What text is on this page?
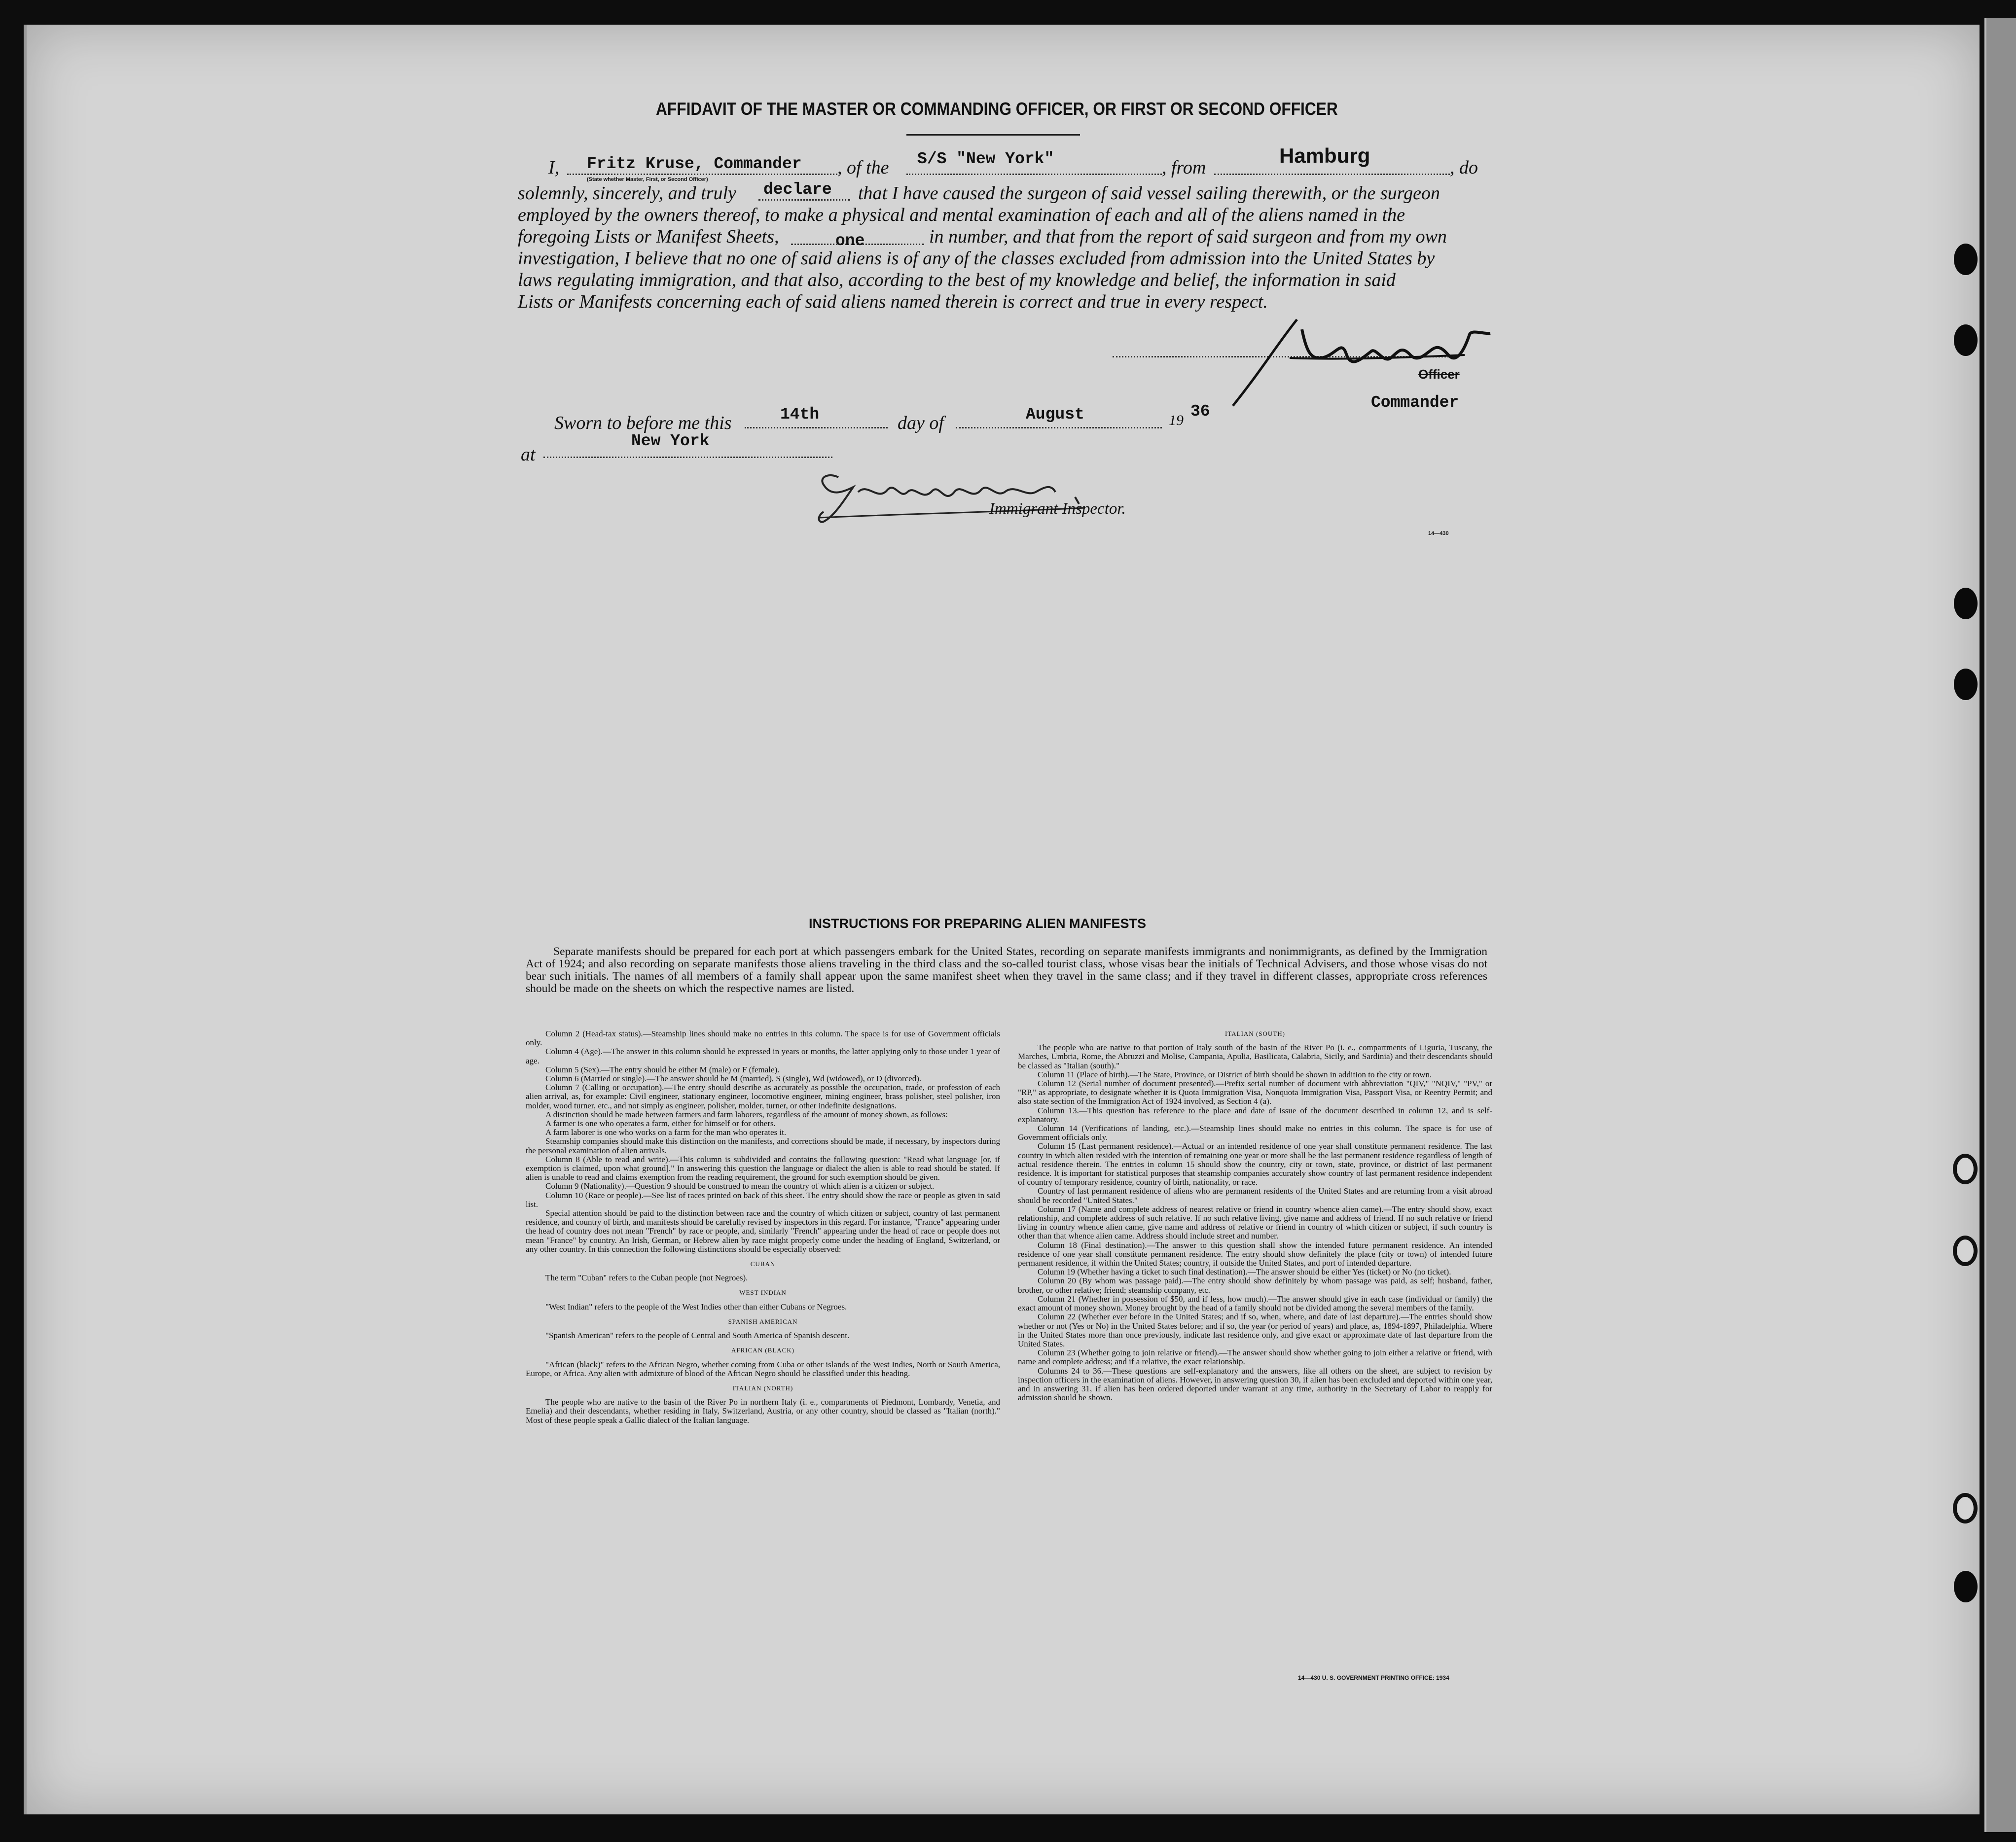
AFFIDAVIT OF THE MASTER OR COMMANDING OFFICER, OR FIRST OR SECOND OFFICER
I, Fritz Kruse, Commander
(State whether Master, First, or Second Officer)
, of the S/S "New York"	, from
Hamburg
, do
solemnly, sincerely, and truly declare that I have caused the surgeon of said vessel sailing therewith, or the surgeon
employed by the owners thereof, to make a physical and mental examination of each and all of the aliens named in the
foregoing Lists or Manifest Sheets,	one	in number, and that from the report of said surgeon and from my own
investigation, I believe that no one of said aliens is of any of the classes excluded from admission into the United States by
laws regulating immigration, and that also, according to the best of my knowledge and belief, the information in said
Lists or Manifests concerning each of said aliens named therein is correct and true in every respect.
Officer
Commander
Sworn to before me this	14th	day of	August	19 36
at
New York
Immigrant Inspector.
14—430
INSTRUCTIONS FOR PREPARING ALIEN MANIFESTS
Separate manifests should be prepared for each port at which passengers embark for the United States, recording on separate manifests immigrants and nonimmigrants, as defined by the Immigration Act of 1924; and also recording on separate manifests those aliens traveling in the third class and the so-called tourist class, whose visas bear the initials of Technical Advisers, and those whose visas do not bear such initials. The names of all members of a family shall appear upon the same manifest sheet when they travel in the same class; and if they travel in different classes, appropriate cross references should be made on the sheets on which the respective names are listed.

Column 2 (Head-tax status).—Steamship lines should make no entries in this column. The space is for use of Government officials only.

Column 4 (Age).—The answer in this column should be expressed in years or months, the latter applying only to those under 1 year of age.

Column 5 (Sex).—The entry should be either M (male) or F (female).

Column 6 (Married or single).—The answer should be M (married), S (single), Wd (widowed), or D (divorced).

Column 7 (Calling or occupation).—The entry should describe as accurately as possible the occupation, trade, or profession of each alien arrival, as, for example: Civil engineer, stationary engineer, locomotive engineer, mining engineer, brass polisher, steel polisher, iron molder, wood turner, etc., and not simply as engineer, polisher, molder, turner, or other indefinite designations.

A distinction should be made between farmers and farm laborers, regardless of the amount of money shown, as follows:

A farmer is one who operates a farm, either for himself or for others.

A farm laborer is one who works on a farm for the man who operates it.

Steamship companies should make this distinction on the manifests, and corrections should be made, if necessary, by inspectors during the personal examination of alien arrivals.

Column 8 (Able to read and write).—This column is subdivided and contains the following question: "Read what language [or, if exemption is claimed, upon what ground]." In answering this question the language or dialect the alien is able to read should be stated. If alien is unable to read and claims exemption from the reading requirement, the ground for such exemption should be given.

Column 9 (Nationality).—Question 9 should be construed to mean the country of which alien is a citizen or subject.

Column 10 (Race or people).—See list of races printed on back of this sheet. The entry should show the race or people as given in said list.

Special attention should be paid to the distinction between race and the country of which citizen or subject, country of last permanent residence, and country of birth, and manifests should be carefully revised by inspectors in this regard. For instance, "France" appearing under the head of country does not mean "French" by race or people, and, similarly "French" appearing under the head of race or people does not mean "France" by country. An Irish, German, or Hebrew alien by race might properly come under the heading of England, Switzerland, or any other country. In this connection the following distinctions should be especially observed:

CUBAN

The term "Cuban" refers to the Cuban people (not Negroes).

WEST INDIAN

"West Indian" refers to the people of the West Indies other than either Cubans or Negroes.

SPANISH AMERICAN

"Spanish American" refers to the people of Central and South America of Spanish descent.

AFRICAN (BLACK)

"African (black)" refers to the African Negro, whether coming from Cuba or other islands of the West Indies, North or South America, Europe, or Africa. Any alien with admixture of blood of the African Negro should be classified under this heading.

ITALIAN (NORTH)

The people who are native to the basin of the River Po in northern Italy (i. e., compartments of Piedmont, Lombardy, Venetia, and Emelia) and their descendants, whether residing in Italy, Switzerland, Austria, or any other country, should be classed as "Italian (north)." Most of these people speak a Gallic dialect of the Italian language.

ITALIAN (SOUTH)

The people who are native to that portion of Italy south of the basin of the River Po (i. e., compartments of Liguria, Tuscany, the Marches, Umbria, Rome, the Abruzzi and Molise, Campania, Apulia, Basilicata, Calabria, Sicily, and Sardinia) and their descendants should be classed as "Italian (south)."

Column 11 (Place of birth).—The State, Province, or District of birth should be shown in addition to the city or town.

Column 12 (Serial number of document presented).—Prefix serial number of document with abbreviation "QIV," "NQIV," "PV," or "RP," as appropriate, to designate whether it is Quota Immigration Visa, Nonquota Immigration Visa, Passport Visa, or Reentry Permit; and also state section of the Immigration Act of 1924 involved, as Section 4 (a).

Column 13.—This question has reference to the place and date of issue of the document described in column 12, and is self-explanatory.

Column 14 (Verifications of landing, etc.).—Steamship lines should make no entries in this column. The space is for use of Government officials only.

Column 15 (Last permanent residence).—Actual or an intended residence of one year shall constitute permanent residence. The last country in which alien resided with the intention of remaining one year or more shall be the last permanent residence regardless of length of actual residence therein. The entries in column 15 should show the country, city or town, state, province, or district of last permanent residence. It is important for statistical purposes that steamship companies accurately show country of last permanent residence independent of country of temporary residence, country of birth, nationality, or race.

Country of last permanent residence of aliens who are permanent residents of the United States and are returning from a visit abroad should be recorded "United States."

Column 17 (Name and complete address of nearest relative or friend in country whence alien came).—The entry should show, exact relationship, and complete address of such relative. If no such relative living, give name and address of friend. If no such relative or friend living in country whence alien came, give name and address of relative or friend in country of which citizen or subject, if such country is other than that whence alien came. Address should include street and number.

Column 18 (Final destination).—The answer to this question shall show the intended future permanent residence. An intended residence of one year shall constitute permanent residence. The entry should show definitely the place (city or town) of intended future permanent residence, if within the United States; country, if outside the United States, and port of intended departure.

Column 19 (Whether having a ticket to such final destination).—The answer should be either Yes (ticket) or No (no ticket).

Column 20 (By whom was passage paid).—The entry should show definitely by whom passage was paid, as self; husband, father, brother, or other relative; friend; steamship company, etc.

Column 21 (Whether in possession of $50, and if less, how much).—The answer should give in each case (individual or family) the exact amount of money shown. Money brought by the head of a family should not be divided among the several members of the family.

Column 22 (Whether ever before in the United States; and if so, when, where, and date of last departure).—The entries should show whether or not (Yes or No) in the United States before; and if so, the year (or period of years) and place, as, 1894-1897, Philadelphia. Where in the United States more than once previously, indicate last residence only, and give exact or approximate date of last departure from the United States.

Column 23 (Whether going to join relative or friend).—The answer should show whether going to join either a relative or friend, with name and complete address; and if a relative, the exact relationship.

Columns 24 to 36.—These questions are self-explanatory and the answers, like all others on the sheet, are subject to revision by inspection officers in the examination of aliens. However, in answering question 30, if alien has been excluded and deported within one year, and in answering 31, if alien has been ordered deported under warrant at any time, authority in the Secretary of Labor to reapply for admission should be shown.

14—430 U. S. GOVERNMENT PRINTING OFFICE: 1934
